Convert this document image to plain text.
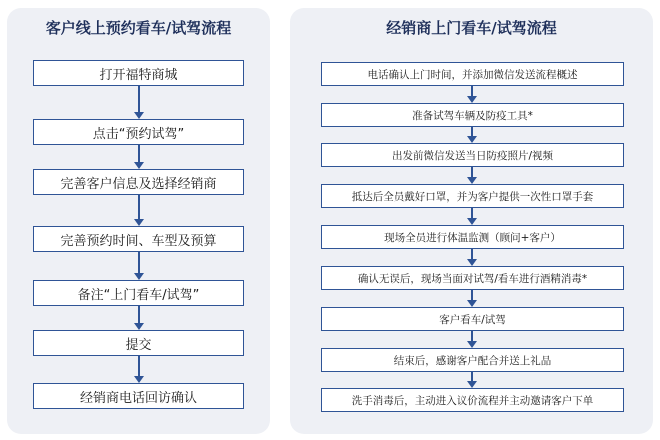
客户线上预约看车/试驾流程
打开福特商城
点击“预约试驾”
完善客户信息及选择经销商
完善预约时间、车型及预算
备注“上门看车/试驾”
提交
经销商电话回访确认
经销商上门看车/试驾流程
电话确认上门时间，并添加微信发送流程概述
准备试驾车辆及防疫工具*
出发前微信发送当日防疫照片/视频
抵达后全员戴好口罩，并为客户提供一次性口罩手套
现场全员进行体温监测（顾问+客户）
确认无误后，现场当面对试驾/看车进行酒精消毒*
客户看车/试驾
结束后，感谢客户配合并送上礼品
洗手消毒后，主动进入议价流程并主动邀请客户下单
